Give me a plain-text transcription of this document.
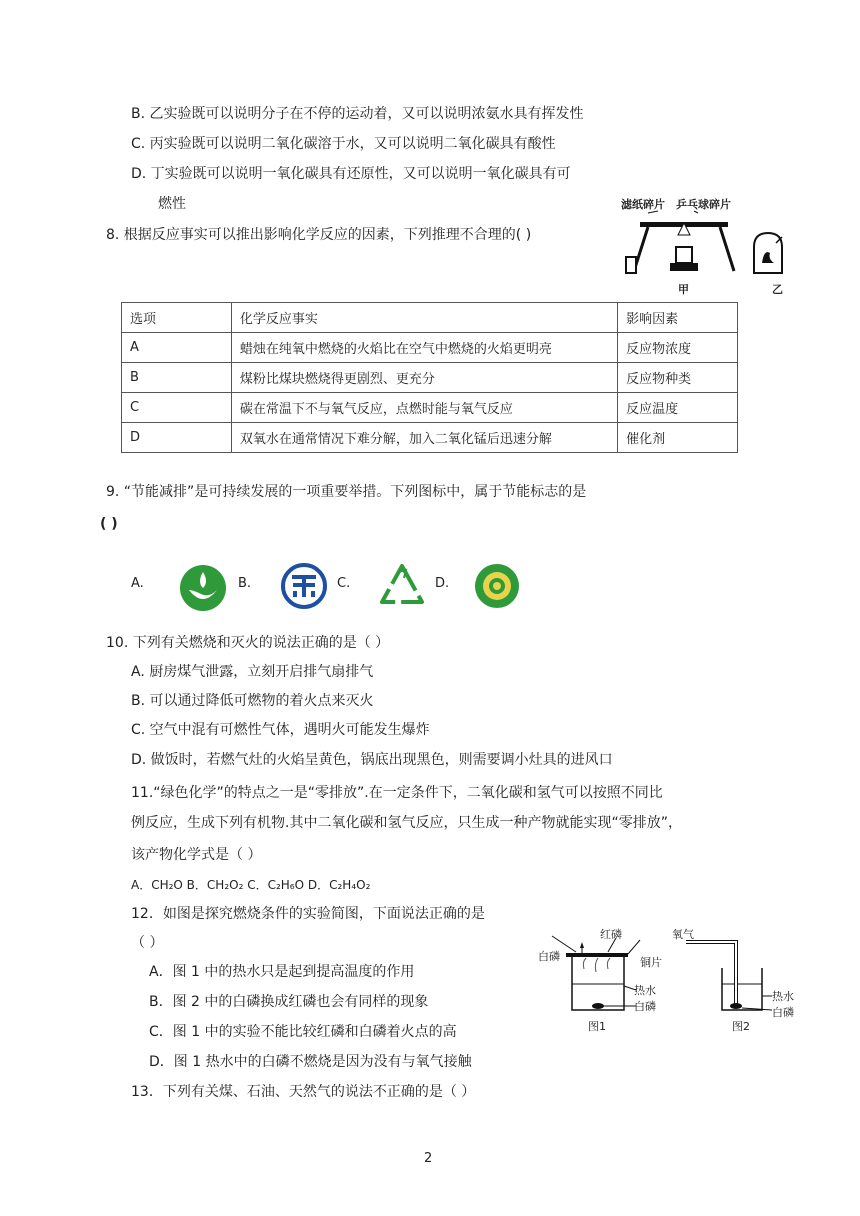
B. 乙实验既可以说明分子在不停的运动着，又可以说明浓氨水具有挥发性
C. 丙实验既可以说明二氧化碳溶于水，又可以说明二氧化碳具有酸性
D. 丁实验既可以说明一氧化碳具有还原性，又可以说明一氧化碳具有可
燃性
8. 根据反应事实可以推出影响化学反应的因素，下列推理不合理的( )
滤纸碎片 乒乓球碎片
甲	乙
选项	化学反应事实	影响因素
A	蜡烛在纯氧中燃烧的火焰比在空气中燃烧的火焰更明亮	反应物浓度
B	煤粉比煤块燃烧得更剧烈、更充分	反应物种类
C	碳在常温下不与氧气反应，点燃时能与氧气反应	反应温度
D	双氧水在通常情况下难分解，加入二氧化锰后迅速分解	催化剂
9. “节能减排”是可持续发展的一项重要举措。下列图标中，属于节能标志的是
( )
A.	B.	C.	D.
10. 下列有关燃烧和灭火的说法正确的是（ ）
A. 厨房煤气泄露，立刻开启排气扇排气
B. 可以通过降低可燃物的着火点来灭火
C. 空气中混有可燃性气体，遇明火可能发生爆炸
D. 做饭时，若燃气灶的火焰呈黄色，锅底出现黑色，则需要调小灶具的进风口
11.“绿色化学”的特点之一是“零排放”.在一定条件下，二氧化碳和氢气可以按照不同比
例反应，生成下列有机物.其中二氧化碳和氢气反应，只生成一种产物就能实现“零排放”，
该产物化学式是（ ）
A．CH₂O B．CH₂O₂ C．C₂H₆O D．C₂H₄O₂
12．如图是探究燃烧条件的实验简图，下面说法正确的是
（ ）
A．图 1 中的热水只是起到提高温度的作用
B．图 2 中的白磷换成红磷也会有同样的现象
C．图 1 中的实验不能比较红磷和白磷着火点的高
D．图 1 热水中的白磷不燃烧是因为没有与氧气接触
红磷
白磷	铜片
热水
白磷
氧气
热水
白磷
图1	图2
13．下列有关煤、石油、天然气的说法不正确的是（ ）
2
